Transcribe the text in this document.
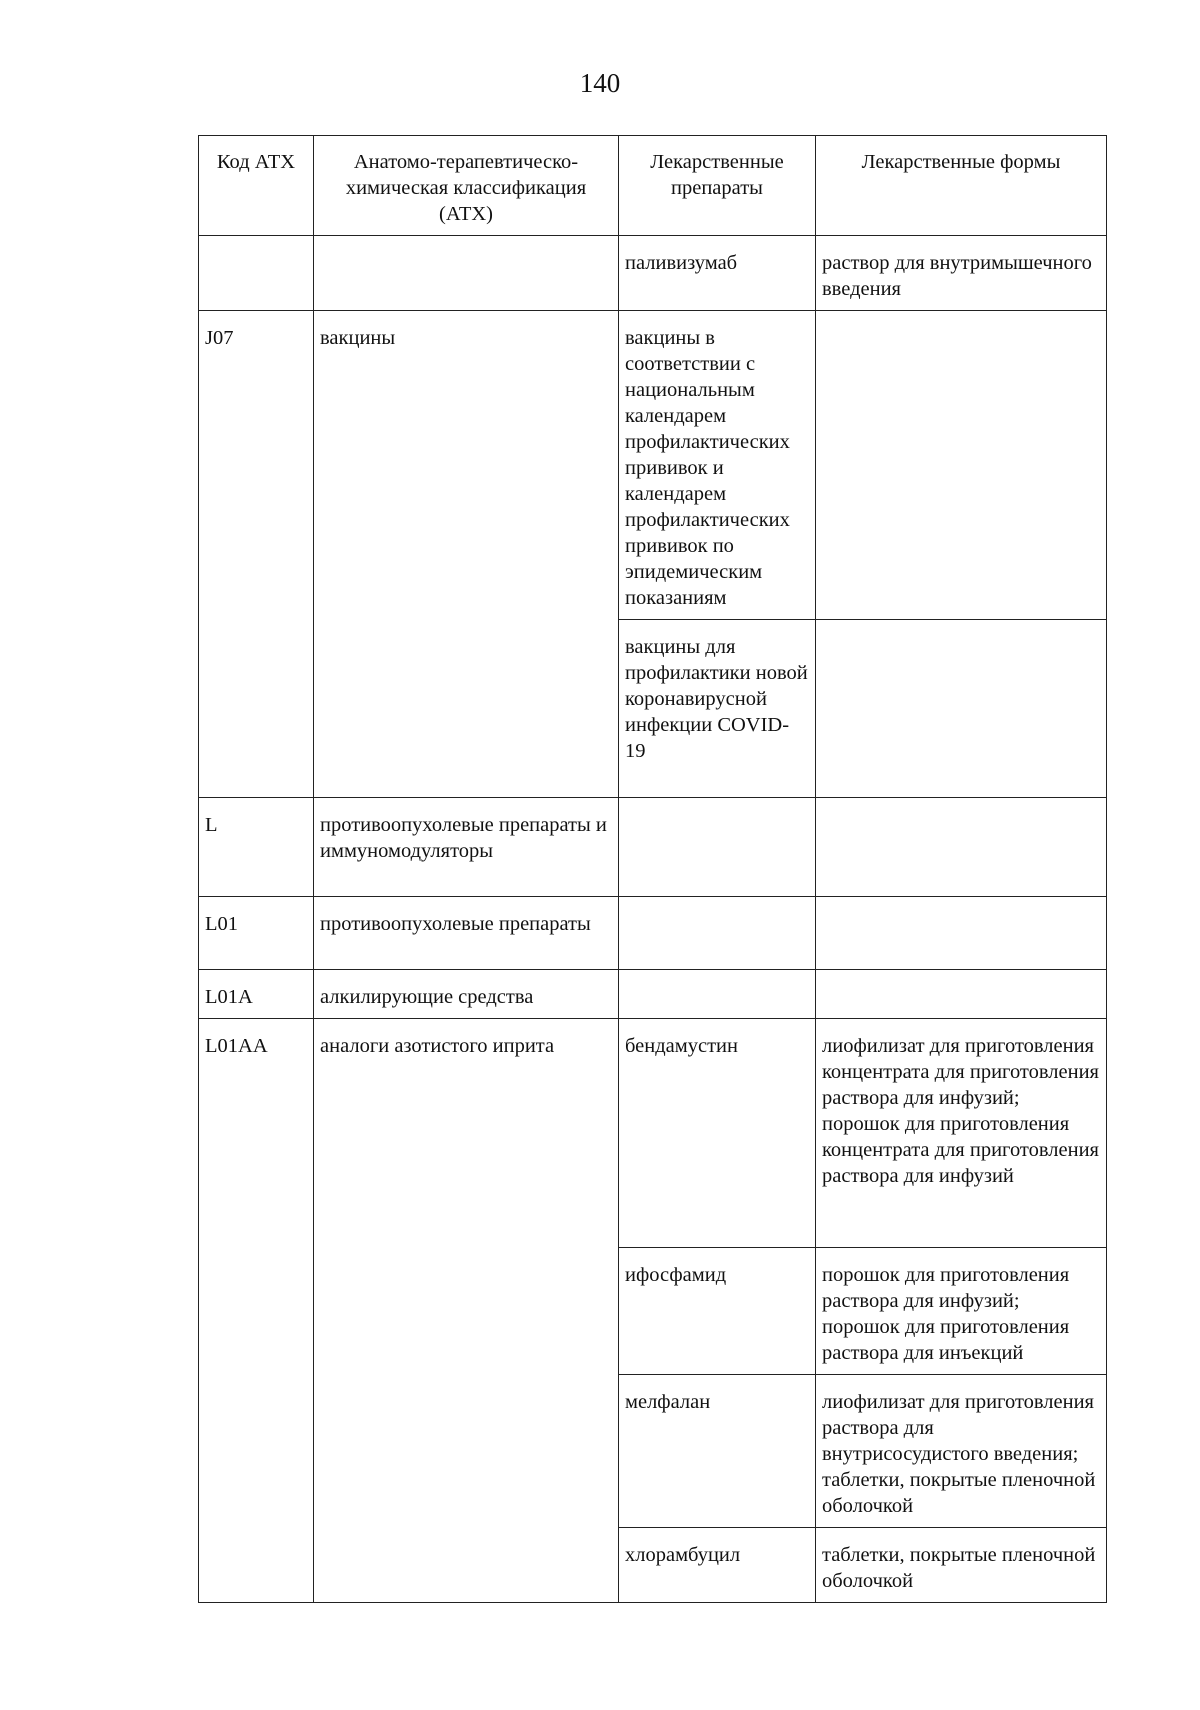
140
Код АТХ	Анатомо-терапевтическо-химическая классификация (АТХ)	Лекарственные препараты	Лекарственные формы
		паливизумаб	раствор для внутримышечного введения
J07	вакцины	вакцины в соответствии с национальным календарем профилактических прививок и календарем профилактических прививок по эпидемическим показаниям	
		вакцины для профилактики новой коронавирусной инфекции COVID-19	
L	противоопухолевые препараты и иммуномодуляторы		
L01	противоопухолевые препараты		
L01A	алкилирующие средства		
L01AA	аналоги азотистого иприта	бендамустин	лиофилизат для приготовления концентрата для приготовления раствора для инфузий; порошок для приготовления концентрата для приготовления раствора для инфузий
		ифосфамид	порошок для приготовления раствора для инфузий; порошок для приготовления раствора для инъекций
		мелфалан	лиофилизат для приготовления раствора для внутрисосудистого введения; таблетки, покрытые пленочной оболочкой
		хлорамбуцил	таблетки, покрытые пленочной оболочкой
